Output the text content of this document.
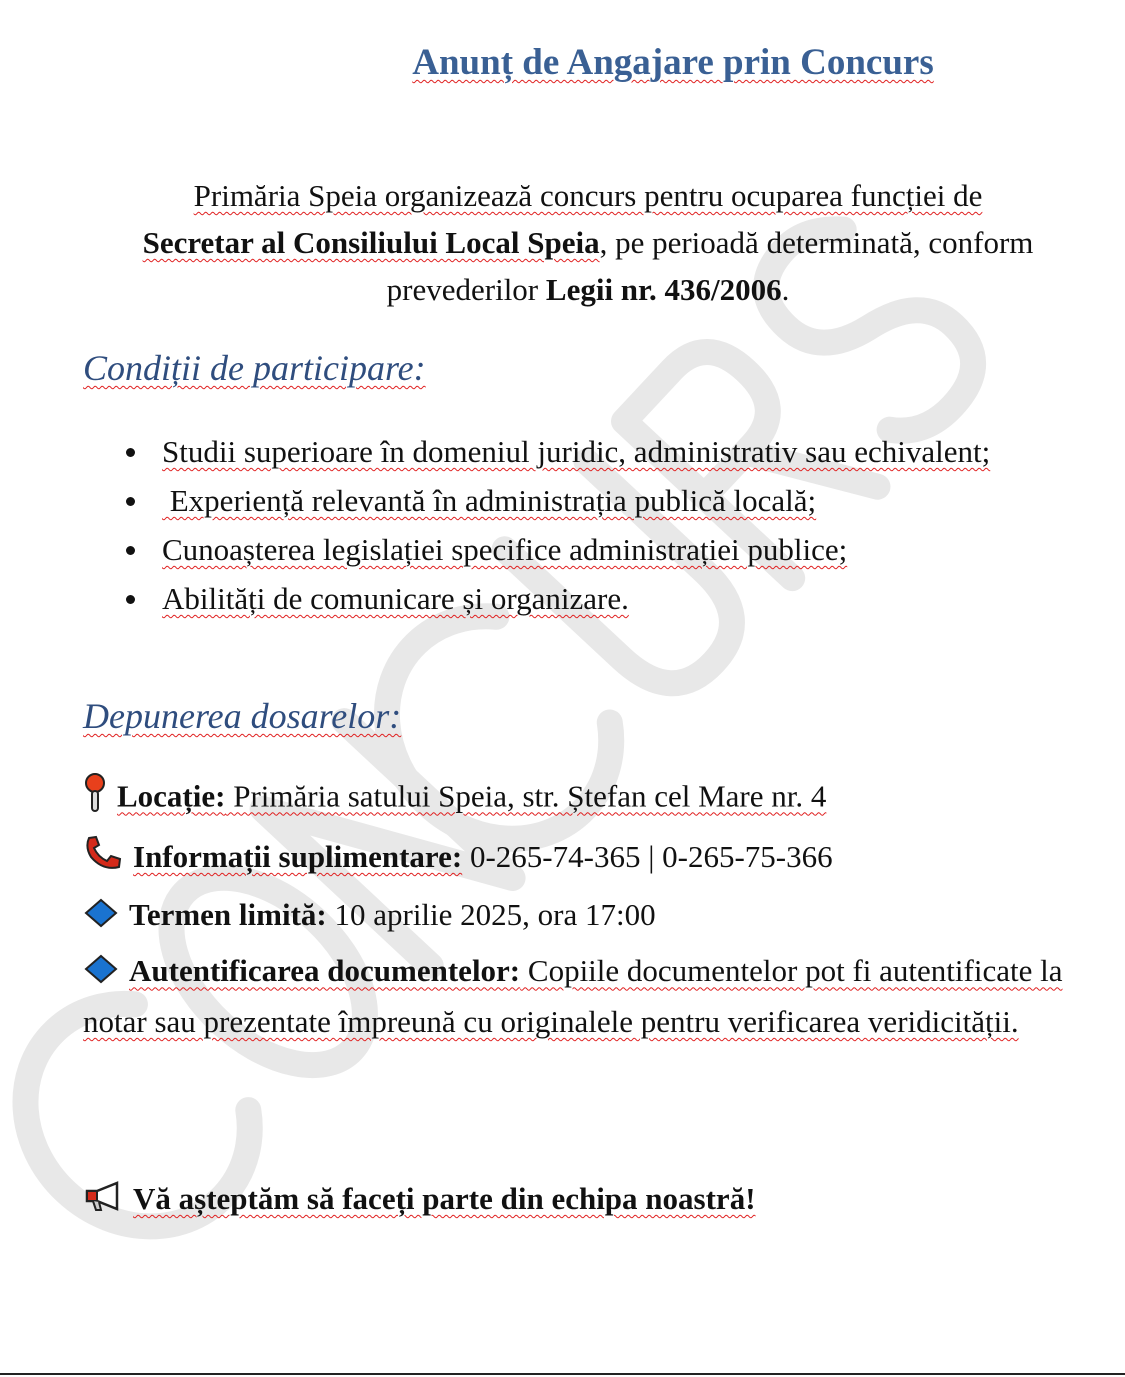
Anunț de Angajare prin Concurs
Primăria Speia organizează concurs pentru ocuparea funcției de
Secretar al Consiliului Local Speia, pe perioadă determinată, conform prevederilor Legii nr. 436/2006.
Condiții de participare:
Studii superioare în domeniul juridic, administrativ sau echivalent;
Experiență relevantă în administrația publică locală;
Cunoașterea legislației specifice administrației publice;
Abilități de comunicare și organizare.
Depunerea dosarelor:
Locație: Primăria satului Speia, str. Ștefan cel Mare nr. 4
Informații suplimentare: 0-265-74-365 | 0-265-75-366
Termen limită: 10 aprilie 2025, ora 17:00
Autentificarea documentelor: Copiile documentelor pot fi autentificate la notar sau prezentate împreună cu originalele pentru verificarea veridicității.
Vă așteptăm să faceți parte din echipa noastră!
